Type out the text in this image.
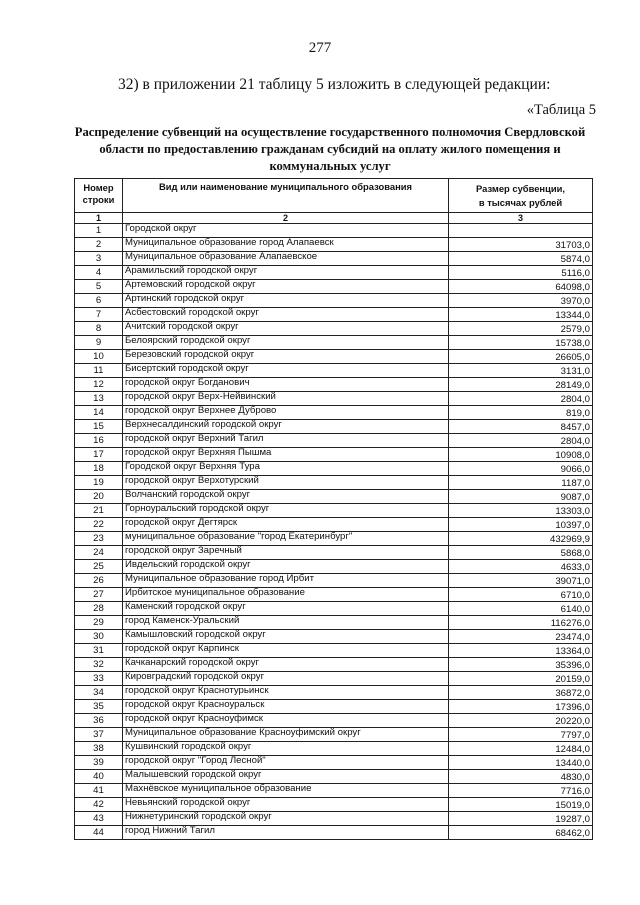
277
32) в приложении 21 таблицу 5 изложить в следующей редакции:
«Таблица 5
Распределение субвенций на осуществление государственного полномочия Свердловской области по предоставлению гражданам субсидий на оплату жилого помещения и коммунальных услуг
Номер
строки	Вид или наименование муниципального образования	Размер субвенции,
в тысячах рублей
1	2	3
1	Городской округ	
2	Муниципальное образование город Алапаевск	31703,0
3	Муниципальное образование Алапаевское	5874,0
4	Арамильский городской округ	5116,0
5	Артемовский городской округ	64098,0
6	Артинский городской округ	3970,0
7	Асбестовский городской округ	13344,0
8	Ачитский городской округ	2579,0
9	Белоярский городской округ	15738,0
10	Березовский городской округ	26605,0
11	Бисертский городской округ	3131,0
12	городской округ Богданович	28149,0
13	городской округ Верх-Нейвинский	2804,0
14	городской округ Верхнее Дуброво	819,0
15	Верхнесалдинский городской округ	8457,0
16	городской округ Верхний Тагил	2804,0
17	городской округ Верхняя Пышма	10908,0
18	Городской округ Верхняя Тура	9066,0
19	городской округ Верхотурский	1187,0
20	Волчанский городской округ	9087,0
21	Горноуральский городской округ	13303,0
22	городской округ Дегтярск	10397,0
23	муниципальное образование "город Екатеринбург"	432969,9
24	городской округ Заречный	5868,0
25	Ивдельский городской округ	4633,0
26	Муниципальное образование город Ирбит	39071,0
27	Ирбитское муниципальное образование	6710,0
28	Каменский городской округ	6140,0
29	город Каменск-Уральский	116276,0
30	Камышловский городской округ	23474,0
31	городской округ Карпинск	13364,0
32	Качканарский городской округ	35396,0
33	Кировградский городской округ	20159,0
34	городской округ Краснотурьинск	36872,0
35	городской округ Красноуральск	17396,0
36	городской округ Красноуфимск	20220,0
37	Муниципальное образование Красноуфимский округ	7797,0
38	Кушвинский городской округ	12484,0
39	городской округ "Город Лесной"	13440,0
40	Малышевский городской округ	4830,0
41	Махнёвское муниципальное образование	7716,0
42	Невьянский городской округ	15019,0
43	Нижнетуринский городской округ	19287,0
44	город Нижний Тагил	68462,0
